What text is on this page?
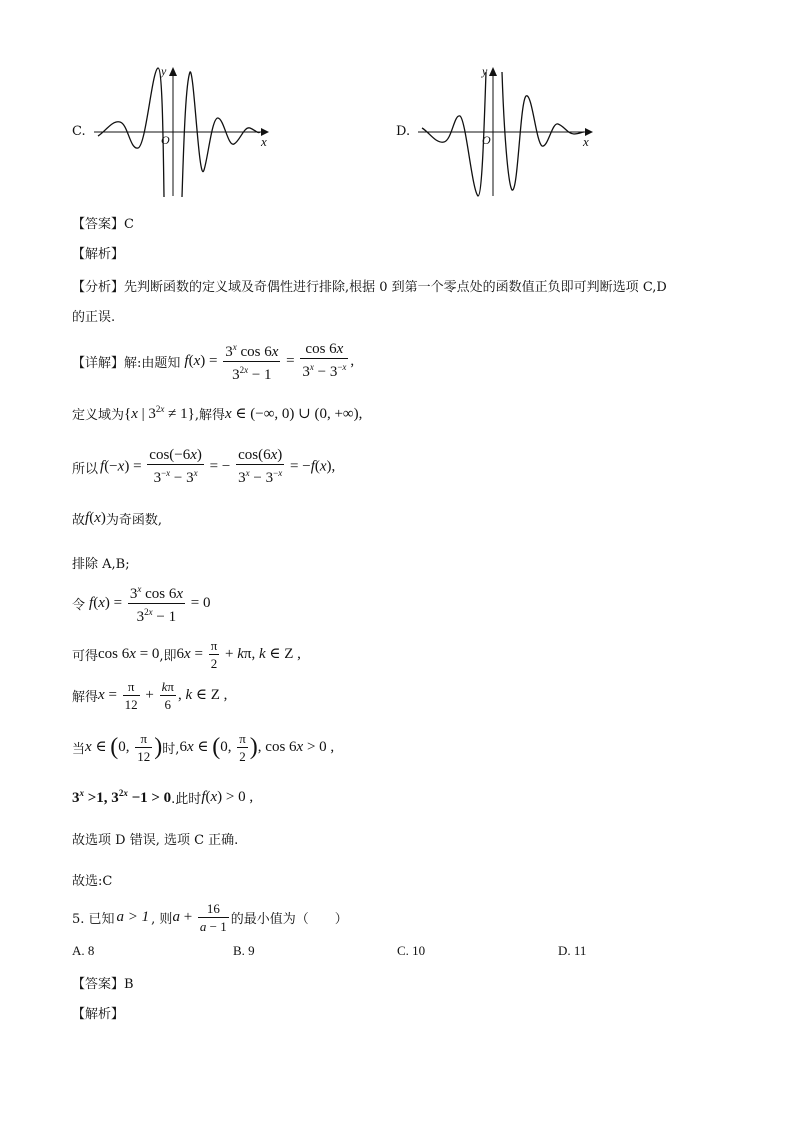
C.
y
x
O
D.
y
x
O
【答案】C
【解析】
【分析】先判断函数的定义域及奇偶性进行排除,根据 0 到第一个零点处的函数值正负即可判断选项 C,D
的正误.
【详解】 解:由题知 $f(x) = \frac{3^x \cos 6x}{3^{2x} - 1} = \frac{\cos 6x}{3^x - 3^{-x}}$ ,
定义域为 {x | $3^{2x} \ne 1$} ,解得 x ∈ (−∞, 0) ∪ (0, +∞),
所以 $f(-x) = \frac{\cos(-6x)}{3^{-x} - 3^x}$ = − $\frac{\cos(6x)}{3^x - 3^{-x}} = -f(x)$,
故 f(x) 为奇函数,
排除 A,B;
令 $f(x) = \frac{3^x \cos 6x}{3^{2x} - 1} = 0$
可得 cos 6x = 0 ,即 $6x = \frac{\pi}{2} + k\pi$, k ∈ Z ,
解得 $x = \frac{\pi}{12} + \frac{k\pi}{6}$ , k ∈ Z ,
当 x ∈ (0, $\frac{\pi}{12}$ ) 时, 6x ∈ (0, $\frac{\pi}{2}$ ), cos 6x > 0 ,
$3^x >1$, $3^{2x} -1 > 0$ .此时 f(x) > 0 ,
故选项 D 错误, 选项 C 正确.
故选:C
5. 已知 a > 1 , 则 $a + \frac{16}{a - 1}$ 的最小值为（　　）
A. 8	B. 9	C. 10	D. 11
【答案】B
【解析】
